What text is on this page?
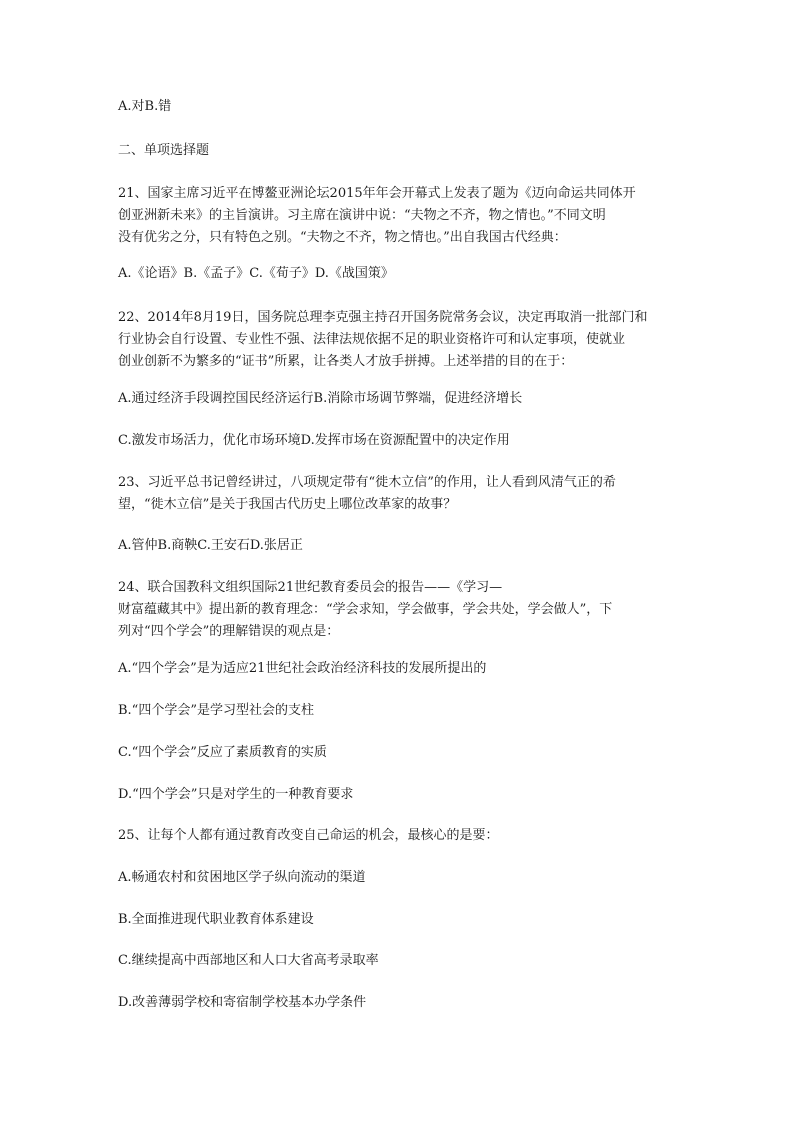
A.对B.错
二、单项选择题
21、国家主席习近平在博鳌亚洲论坛2015年年会开幕式上发表了题为《迈向命运共同体开
创亚洲新未来》的主旨演讲。习主席在演讲中说：“夫物之不齐，物之情也。”不同文明
没有优劣之分，只有特色之别。“夫物之不齐，物之情也。”出自我国古代经典：
A.《论语》B.《孟子》C.《荀子》D.《战国策》
22、2014年8月19日，国务院总理李克强主持召开国务院常务会议，决定再取消一批部门和
行业协会自行设置、专业性不强、法律法规依据不足的职业资格许可和认定事项，使就业
创业创新不为繁多的“证书”所累，让各类人才放手拼搏。上述举措的目的在于：
A.通过经济手段调控国民经济运行B.消除市场调节弊端，促进经济增长
C.激发市场活力，优化市场环境D.发挥市场在资源配置中的决定作用
23、习近平总书记曾经讲过，八项规定带有“徙木立信”的作用，让人看到风清气正的希
望，“徙木立信”是关于我国古代历史上哪位改革家的故事？
A.管仲B.商鞅C.王安石D.张居正
24、联合国教科文组织国际21世纪教育委员会的报告——《学习—
财富蕴藏其中》提出新的教育理念：“学会求知，学会做事，学会共处，学会做人”，下
列对“四个学会”的理解错误的观点是：
A.“四个学会”是为适应21世纪社会政治经济科技的发展所提出的
B.“四个学会”是学习型社会的支柱
C.“四个学会”反应了素质教育的实质
D.“四个学会”只是对学生的一种教育要求
25、让每个人都有通过教育改变自己命运的机会，最核心的是要：
A.畅通农村和贫困地区学子纵向流动的渠道
B.全面推进现代职业教育体系建设
C.继续提高中西部地区和人口大省高考录取率
D.改善薄弱学校和寄宿制学校基本办学条件
